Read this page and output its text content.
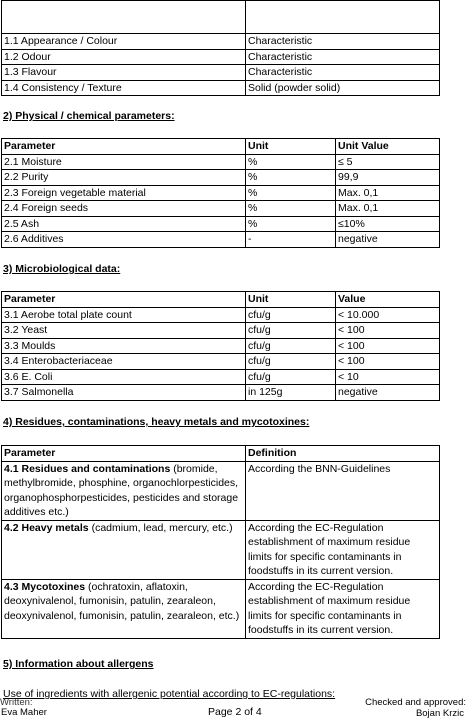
1.1 Appearance / Colour	Characteristic
1.2 Odour	Characteristic
1.3 Flavour	Characteristic
1.4 Consistency / Texture	Solid (powder solid)
2) Physical / chemical parameters:
Parameter	Unit	Unit Value
2.1 Moisture	%	≤ 5
2.2 Purity	%	99,9
2.3 Foreign vegetable material	%	Max. 0,1
2.4 Foreign seeds	%	Max. 0,1
2.5 Ash	%	≤10%
2.6 Additives	-	negative
3) Microbiological data:
Parameter	Unit	Value
3.1 Aerobe total plate count	cfu/g	< 10.000
3.2 Yeast	cfu/g	< 100
3.3 Moulds	cfu/g	< 100
3.4 Enterobacteriaceae	cfu/g	< 100
3.6 E. Coli	cfu/g	< 10
3.7 Salmonella	in 125g	negative
4) Residues, contaminations, heavy metals and mycotoxines:
Parameter	Definition
4.1 Residues and contaminations (bromide, methylbromide, phosphine, organochlorpesticides, organophosphorpesticides, pesticides and storage additives etc.)	According the BNN-Guidelines
4.2 Heavy metals (cadmium, lead, mercury, etc.)	According the EC-Regulation establishment of maximum residue limits for specific contaminants in foodstuffs in its current version.
4.3 Mycotoxines (ochratoxin, aflatoxin, deoxynivalenol, fumonisin, patulin, zearaleon, deoxynivalenol, fumonisin, patulin, zearaleon, etc.)	According the EC-Regulation establishment of maximum residue limits for specific contaminants in foodstuffs in its current version.
5) Information about allergens
Use of ingredients with allergenic potential according to EC-regulations:
Written:
Eva Maher	Page 2 of 4
Checked and approved:
Bojan Krzic
